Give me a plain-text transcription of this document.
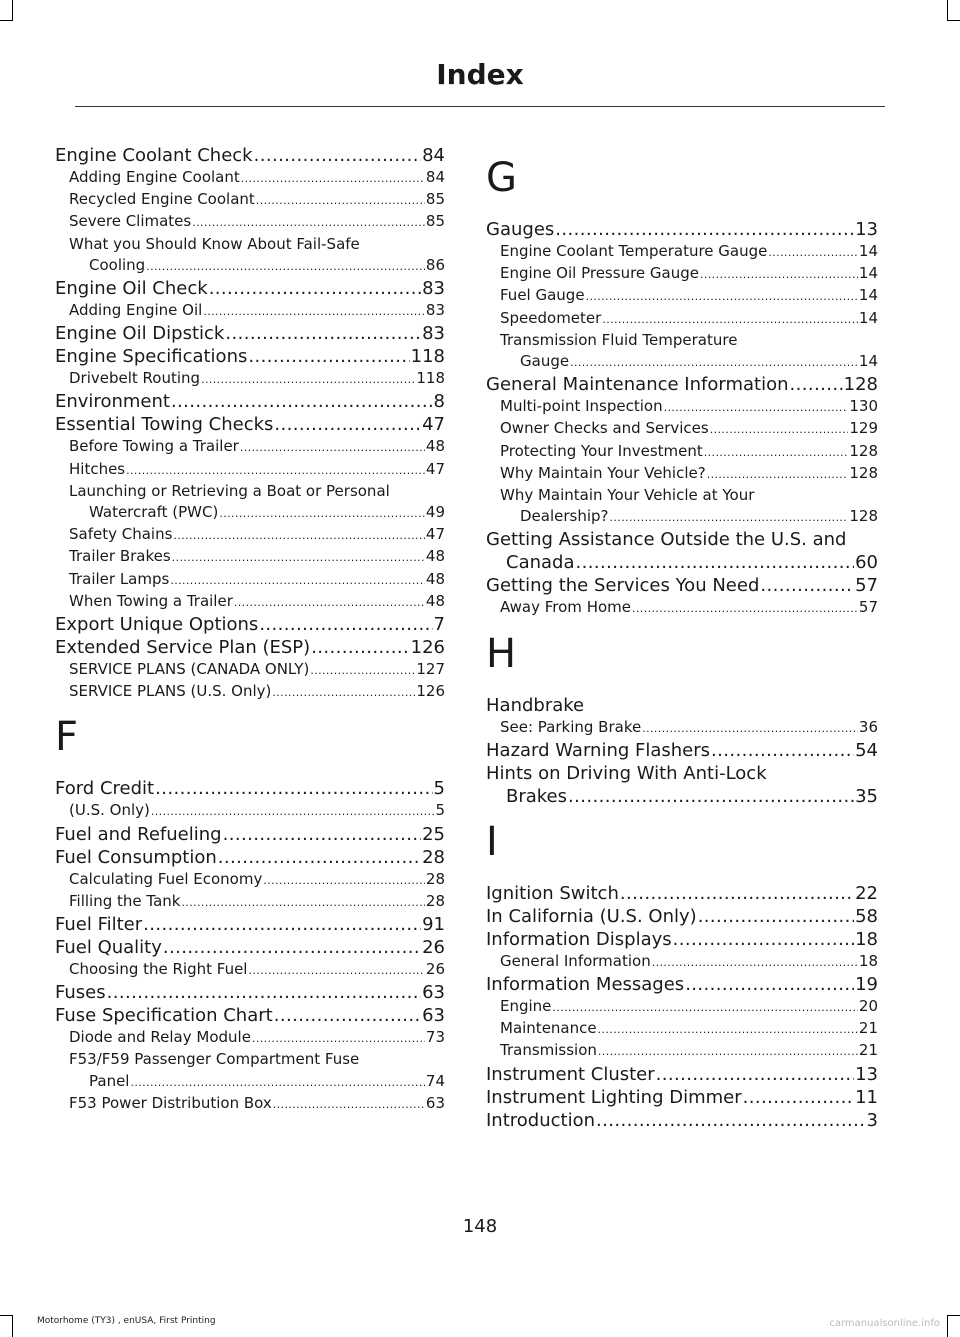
Index
Engine Coolant Check .....	84
Adding Engine Coolant .....	84
Recycled Engine Coolant .....	85
Severe Climates .....	85
What you Should Know About Fail-Safe
Cooling .....	86
Engine Oil Check .....	83
Adding Engine Oil .....	83
Engine Oil Dipstick .....	83
Engine Specifications .....	118
Drivebelt Routing .....	118
Environment .....	8
Essential Towing Checks .....	47
Before Towing a Trailer .....	48
Hitches .....	47
Launching or Retrieving a Boat or Personal
Watercraft (PWC) .....	49
Safety Chains .....	47
Trailer Brakes .....	48
Trailer Lamps .....	48
When Towing a Trailer .....	48
Export Unique Options .....	7
Extended Service Plan (ESP) .....	126
SERVICE PLANS (CANADA ONLY) .....	127
SERVICE PLANS (U.S. Only) .....	126
F
Ford Credit .....	5
(U.S. Only) .....	5
Fuel and Refueling .....	25
Fuel Consumption .....	28
Calculating Fuel Economy .....	28
Filling the Tank .....	28
Fuel Filter .....	91
Fuel Quality .....	26
Choosing the Right Fuel .....	26
Fuses .....	63
Fuse Specification Chart .....	63
Diode and Relay Module .....	73
F53/F59 Passenger Compartment Fuse
Panel .....	74
F53 Power Distribution Box .....	63
G
Gauges .....	13
Engine Coolant Temperature Gauge .....	14
Engine Oil Pressure Gauge .....	14
Fuel Gauge .....	14
Speedometer .....	14
Transmission Fluid Temperature
Gauge .....	14
General Maintenance Information .....	128
Multi-point Inspection .....	130
Owner Checks and Services .....	129
Protecting Your Investment .....	128
Why Maintain Your Vehicle? .....	128
Why Maintain Your Vehicle at Your
Dealership? .....	128
Getting Assistance Outside the U.S. and
Canada .....	60
Getting the Services You Need .....	57
Away From Home .....	57
H
Handbrake
See: Parking Brake .....	36
Hazard Warning Flashers .....	54
Hints on Driving With Anti-Lock
Brakes .....	35
I
Ignition Switch .....	22
In California (U.S. Only) .....	58
Information Displays .....	18
General Information .....	18
Information Messages .....	19
Engine .....	20
Maintenance .....	21
Transmission .....	21
Instrument Cluster .....	13
Instrument Lighting Dimmer .....	11
Introduction .....	3
148
Motorhome (TY3) , enUSA, First Printing	carmanualsonline.info
